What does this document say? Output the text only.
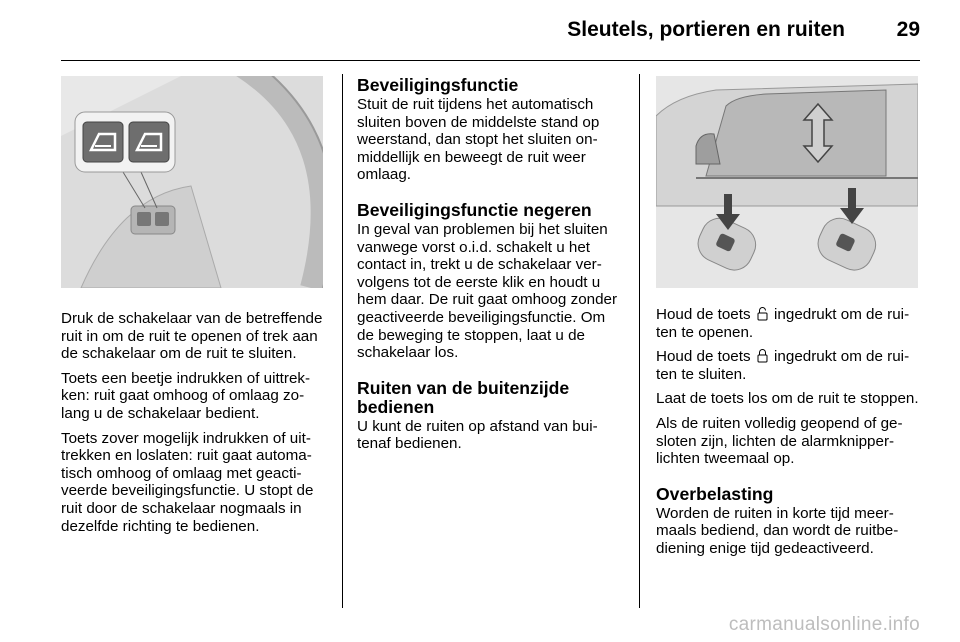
Sleutels, portieren en ruiten 29

Druk de schakelaar van de betreffende ruit in om de ruit te openen of trek aan de schakelaar om de ruit te sluiten.

Toets een beetje indrukken of uittrekken: ruit gaat omhoog of omlaag zolang u de schakelaar bedient.

Toets zover mogelijk indrukken of uittrekken en loslaten: ruit gaat automatisch omhoog of omlaag met geactiveerde beveiligingsfunctie. U stopt de ruit door de schakelaar nogmaals in dezelfde richting te bedienen.

Beveiligingsfunctie

Stuit de ruit tijdens het automatisch sluiten boven de middelste stand op weerstand, dan stopt het sluiten onmiddellijk en beweegt de ruit weer omlaag.

Beveiligingsfunctie negeren

In geval van problemen bij het sluiten vanwege vorst o.i.d. schakelt u het contact in, trekt u de schakelaar vervolgens tot de eerste klik en houdt u hem daar. De ruit gaat omhoog zonder geactiveerde beveiligingsfunctie. Om de beweging te stoppen, laat u de schakelaar los.

Ruiten van de buitenzijde bedienen

U kunt de ruiten op afstand van buitenaf bedienen.

Houd de toets ingedrukt om de ruiten te openen.

Houd de toets ingedrukt om de ruiten te sluiten.

Laat de toets los om de ruit te stoppen.

Als de ruiten volledig geopend of gesloten zijn, lichten de alarmknipperlichten tweemaal op.

Overbelasting

Worden de ruiten in korte tijd meermaals bediend, dan wordt de ruitbediening enige tijd gedeactiveerd.

carmanualsonline.info
